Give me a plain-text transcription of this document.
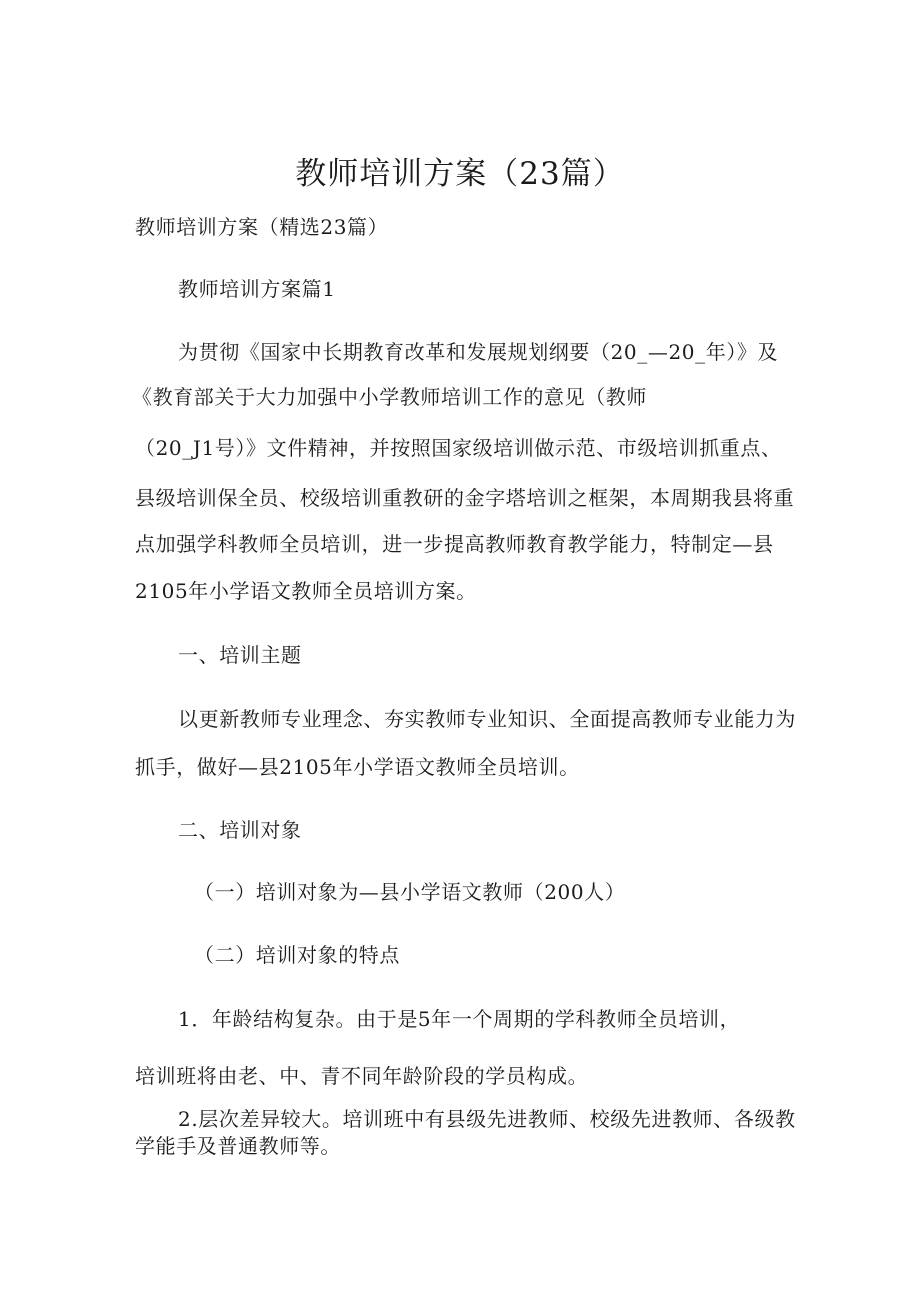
教师培训方案（23篇）
教师培训方案（精选23篇）
教师培训方案篇1
为贯彻《国家中长期教育改革和发展规划纲要（20_—20_年）》及
《教育部关于大力加强中小学教师培训工作的意见（教师
（20_J1号）》文件精神，并按照国家级培训做示范、市级培训抓重点、
县级培训保全员、校级培训重教研的金字塔培训之框架，本周期我县将重
点加强学科教师全员培训，进一步提高教师教育教学能力，特制定—县
2105年小学语文教师全员培训方案。
一、培训主题
以更新教师专业理念、夯实教师专业知识、全面提高教师专业能力为
抓手，做好—县2105年小学语文教师全员培训。
二、培训对象
（一）培训对象为—县小学语文教师（200人）
（二）培训对象的特点
1．年龄结构复杂。由于是5年一个周期的学科教师全员培训，
培训班将由老、中、青不同年龄阶段的学员构成。
2.层次差异较大。培训班中有县级先进教师、校级先进教师、各级教
学能手及普通教师等。
